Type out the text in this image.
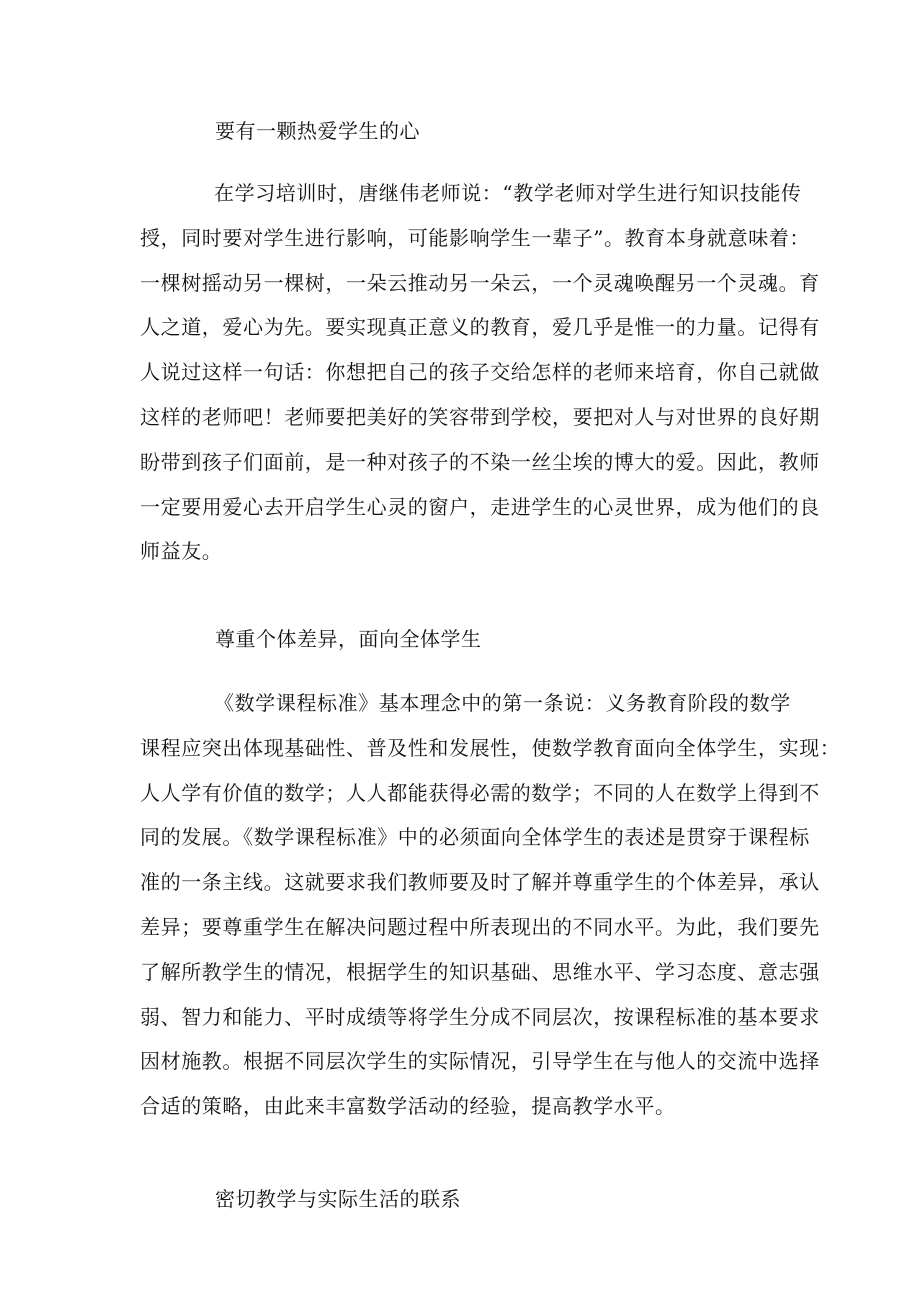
要有一颗热爱学生的心
在学习培训时，唐继伟老师说：“教学老师对学生进行知识技能传
授，同时要对学生进行影响，可能影响学生一辈子”。教育本身就意味着：
一棵树摇动另一棵树，一朵云推动另一朵云，一个灵魂唤醒另一个灵魂。育
人之道，爱心为先。要实现真正意义的教育，爱几乎是惟一的力量。记得有
人说过这样一句话：你想把自己的孩子交给怎样的老师来培育，你自己就做
这样的老师吧！老师要把美好的笑容带到学校，要把对人与对世界的良好期
盼带到孩子们面前，是一种对孩子的不染一丝尘埃的博大的爱。因此，教师
一定要用爱心去开启学生心灵的窗户，走进学生的心灵世界，成为他们的良
师益友。
尊重个体差异，面向全体学生
《数学课程标准》基本理念中的第一条说：义务教育阶段的数学
课程应突出体现基础性、普及性和发展性，使数学教育面向全体学生，实现：
人人学有价值的数学；人人都能获得必需的数学；不同的人在数学上得到不
同的发展。《数学课程标准》中的必须面向全体学生的表述是贯穿于课程标
准的一条主线。这就要求我们教师要及时了解并尊重学生的个体差异，承认
差异；要尊重学生在解决问题过程中所表现出的不同水平。为此，我们要先
了解所教学生的情况，根据学生的知识基础、思维水平、学习态度、意志强
弱、智力和能力、平时成绩等将学生分成不同层次，按课程标准的基本要求
因材施教。根据不同层次学生的实际情况，引导学生在与他人的交流中选择
合适的策略，由此来丰富数学活动的经验，提高教学水平。
密切教学与实际生活的联系
